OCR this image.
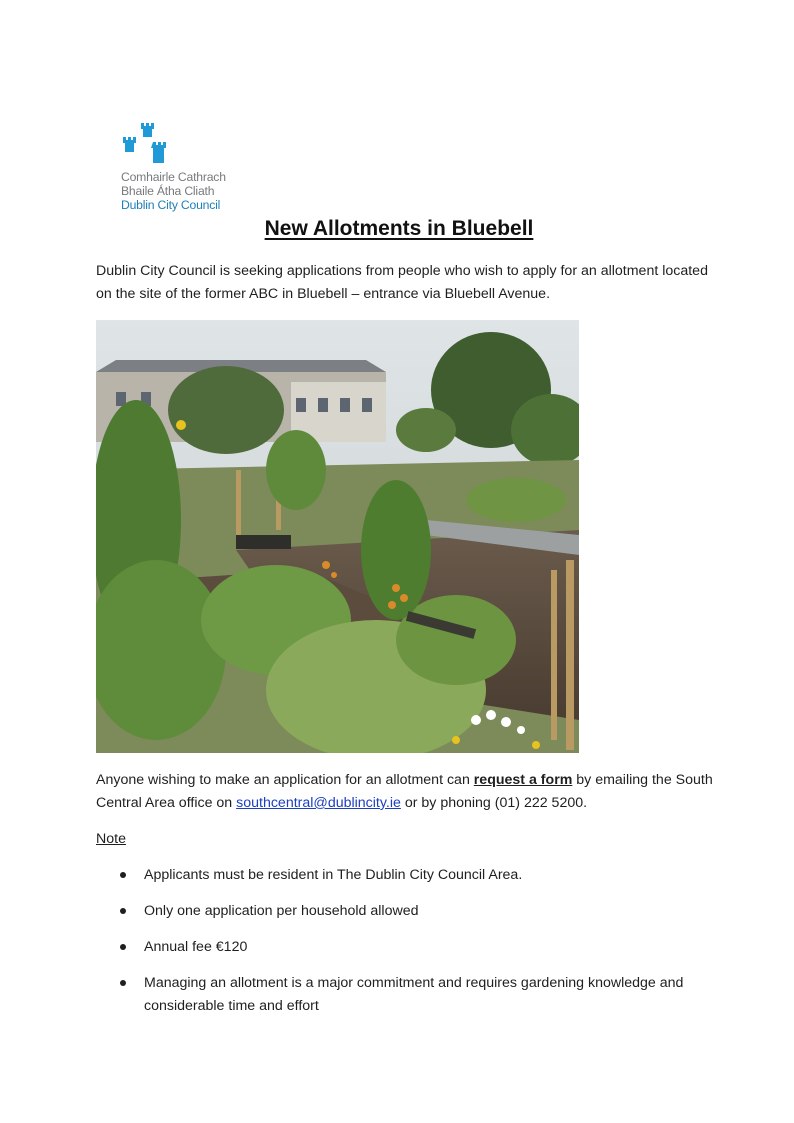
Comhairle Cathrach
Bhaile Átha Cliath
Dublin City Council
New Allotments in Bluebell
Dublin City Council is seeking applications from people who wish to apply for an allotment located on the site of the former ABC in Bluebell – entrance via Bluebell Avenue.
Anyone wishing to make an application for an allotment can request a form by emailing the South Central Area office on southcentral@dublincity.ie or by phoning (01) 222 5200.
Note
Applicants must be resident in The Dublin City Council Area.
Only one application per household allowed
Annual fee €120
Managing an allotment is a major commitment and requires gardening knowledge and considerable time and effort
